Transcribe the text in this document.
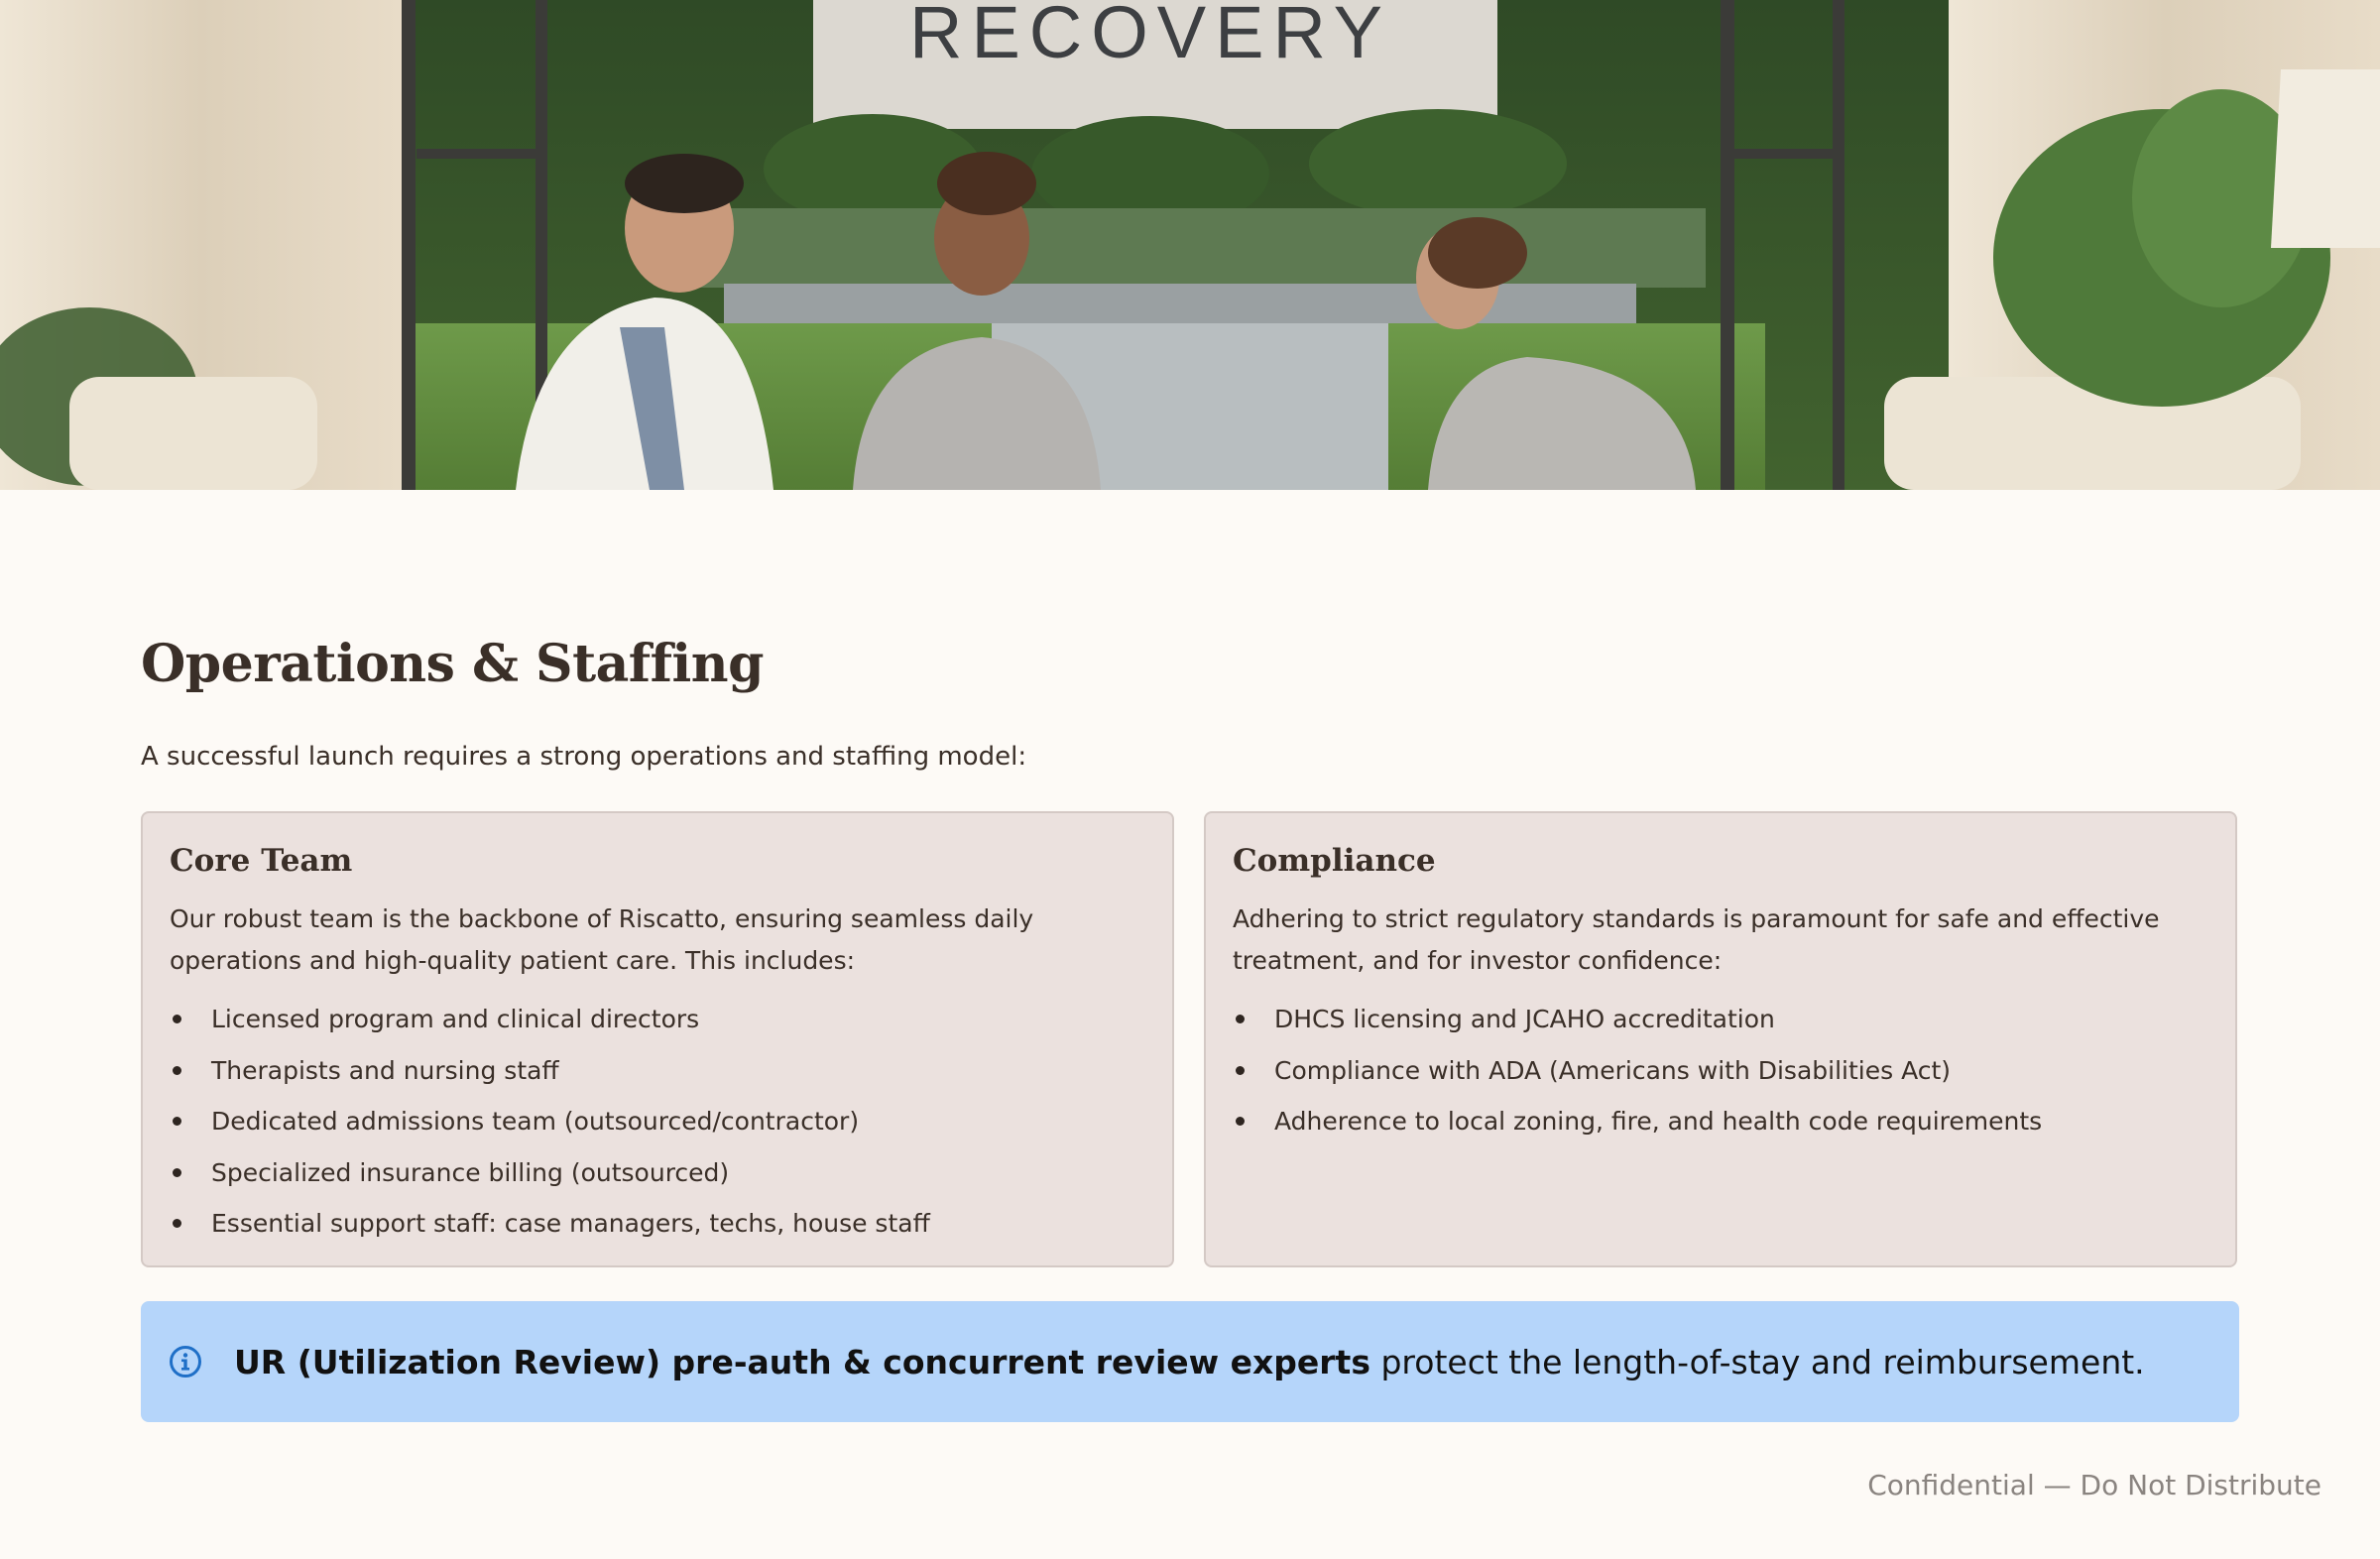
RECOVERY
Operations & Staffing

A successful launch requires a strong operations and staffing model:

Core Team

Our robust team is the backbone of Riscatto, ensuring seamless daily operations and high-quality patient care. This includes:

Licensed program and clinical directors
Therapists and nursing staff
Dedicated admissions team (outsourced/contractor)
Specialized insurance billing (outsourced)
Essential support staff: case managers, techs, house staff
Compliance

Adhering to strict regulatory standards is paramount for safe and effective treatment, and for investor confidence:

DHCS licensing and JCAHO accreditation
Compliance with ADA (Americans with Disabilities Act)
Adherence to local zoning, fire, and health code requirements
UR (Utilization Review) pre-auth & concurrent review experts protect the length-of-stay and reimbursement.
Confidential — Do Not Distribute
